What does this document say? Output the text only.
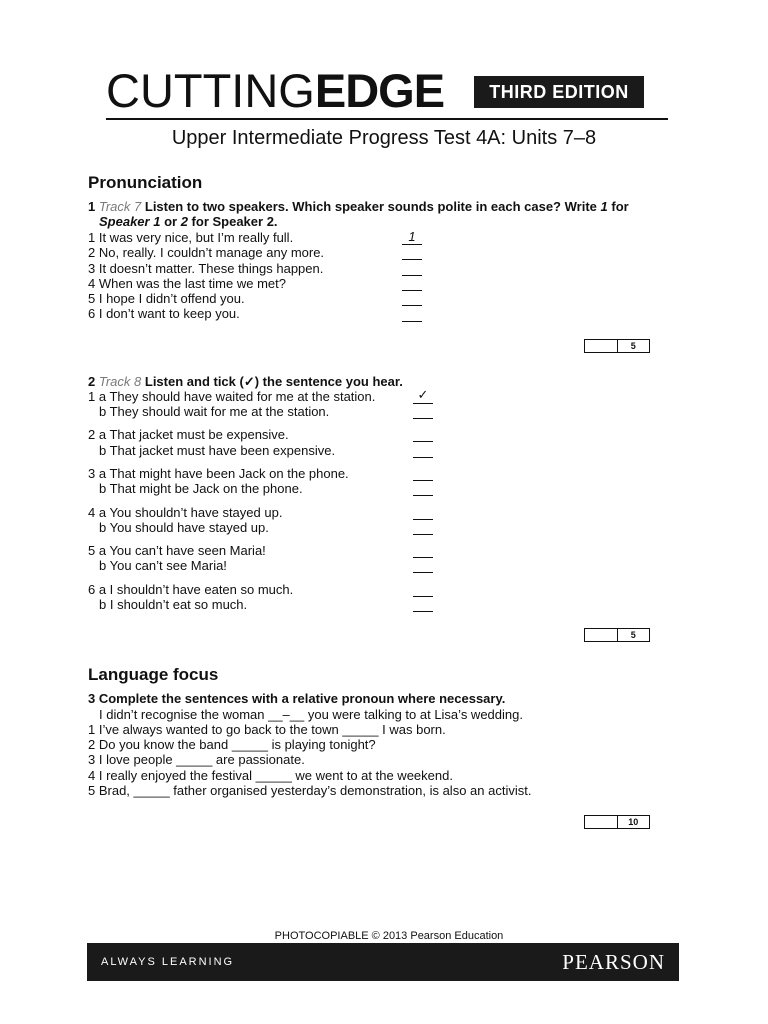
CUTTING EDGE	THIRD EDITION
Upper Intermediate Progress Test 4A: Units 7–8
Pronunciation
1 Track 7 Listen to two speakers. Which speaker sounds polite in each case? Write 1 for
Speaker 1 or 2 for Speaker 2.
1 It was very nice, but I’m really full.	1
2 No, really. I couldn’t manage any more.
3 It doesn’t matter. These things happen.
4 When was the last time we met?
5 I hope I didn’t offend you.
6 I don’t want to keep you.
5
2 Track 8 Listen and tick (✓) the sentence you hear.
1 a They should have waited for me at the station.	✓
b They should wait for me at the station.
2 a That jacket must be expensive.
b That jacket must have been expensive.
3 a That might have been Jack on the phone.
b That might be Jack on the phone.
4 a You shouldn’t have stayed up.
b You should have stayed up.
5 a You can’t have seen Maria!
b You can’t see Maria!
6 a I shouldn’t have eaten so much.
b I shouldn’t eat so much.
5
Language focus
3 Complete the sentences with a relative pronoun where necessary.
I didn’t recognise the woman __–__ you were talking to at Lisa’s wedding.
1 I’ve always wanted to go back to the town _____ I was born.
2 Do you know the band _____ is playing tonight?
3 I love people _____ are passionate.
4 I really enjoyed the festival _____ we went to at the weekend.
5 Brad, _____ father organised yesterday’s demonstration, is also an activist.
10
PHOTOCOPIABLE © 2013 Pearson Education
ALWAYS LEARNING	PEARSON
